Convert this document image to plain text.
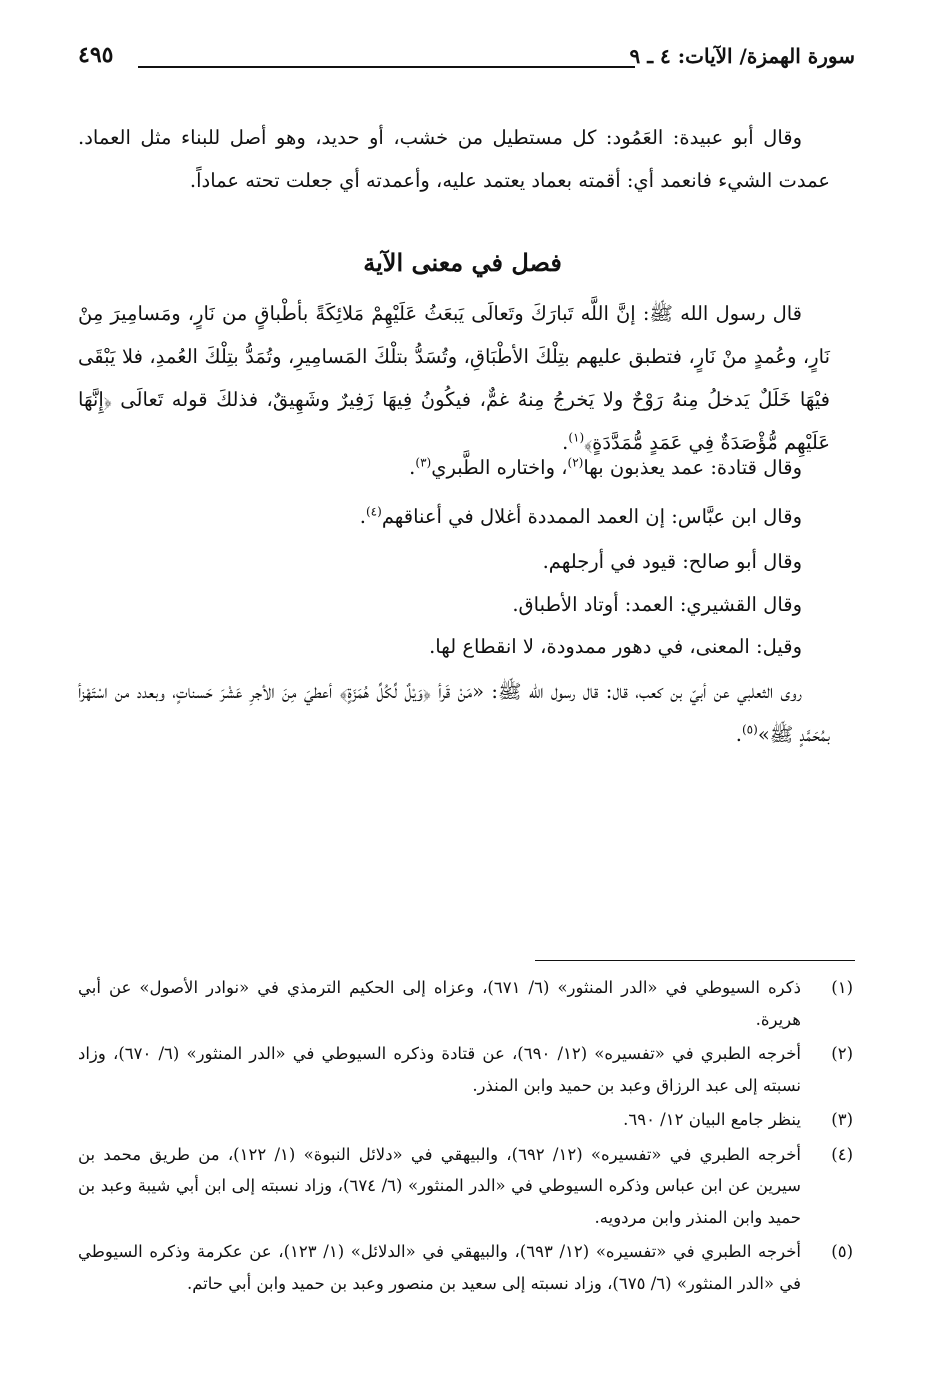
سورة الهمزة/ الآيات: ٤ ـ ٩
٤٩٥

وقال أبو عبيدة: العَمُود: كل مستطيل من خشب، أو حديد، وهو أصل للبناء مثل العماد. عمدت الشيء فانعمد أي: أقمته بعماد يعتمد عليه، وأعمدته أي جعلت تحته عماداً.

فصل في معنى الآية

قال رسول الله ﷺ: إنَّ اللَّه تَبارَكَ وتَعالَى يَبعَثُ عَلَيْهِمْ مَلائِكَةً بأطْباقٍ من نَارٍ، ومَسامِيرَ مِنْ نَارٍ، وعُمدٍ منْ نَارٍ، فتطبق عليهم بتِلْكَ الأطْبَاقِ، وتُسَدُّ بتلْكَ المَسامِيرِ، وتُمَدُّ بتِلْكَ العُمدِ، فلا يَبْقَى فيْهَا خَلَلٌ يَدخلُ مِنهُ رَوْحٌ ولا يَخرجُ مِنهُ غمٌّ، فيكُونُ فِيهَا زَفِيرٌ وشَهِيقٌ، فذلكَ قوله تَعالَى ﴿إِنَّهَا عَلَيْهِم مُّؤْصَدَةٌ فِي عَمَدٍ مُّمَدَّدَةٍ﴾$^{(١)}$.

وقال قتادة: عمد يعذبون بها$^{(٢)}$، واختاره الطَّبري$^{(٣)}$.
وقال ابن عبَّاس: إن العمد الممددة أغلال في أعناقهم$^{(٤)}$.
وقال أبو صالح: قيود في أرجلهم.
وقال القشيري: العمد: أوتاد الأطباق.
وقيل: المعنى، في دهور ممدودة، لا انقطاع لها.

روى الثعلبي عن أبيّ بن كعب، قال: قال رسول الله ﷺ: «مَنْ قَرأ ﴿وَيْلٌ لِّكُلِّ هُمَزَةٍ﴾ أعطيَ مِنَ الأجرِ عَشْرَ حَسناتٍ، وبعدد من اسْتَهْزأ بمُحَمَّدٍ ﷺ»$^{(٥)}$.

(١)
ذكره السيوطي في «الدر المنثور» (٦/ ٦٧١)، وعزاه إلى الحكيم الترمذي في «نوادر الأصول» عن أبي هريرة.

(٢)
أخرجه الطبري في «تفسيره» (١٢/ ٦٩٠)، عن قتادة وذكره السيوطي في «الدر المنثور» (٦/ ٦٧٠)، وزاد نسبته إلى عبد الرزاق وعبد بن حميد وابن المنذر.

(٣)
ينظر جامع البيان ١٢/ ٦٩٠.

(٤)
أخرجه الطبري في «تفسيره» (١٢/ ٦٩٢)، والبيهقي في «دلائل النبوة» (١/ ١٢٢)، من طريق محمد بن سيرين عن ابن عباس وذكره السيوطي في «الدر المنثور» (٦/ ٦٧٤)، وزاد نسبته إلى ابن أبي شيبة وعبد بن حميد وابن المنذر وابن مردويه.

(٥)
أخرجه الطبري في «تفسيره» (١٢/ ٦٩٣)، والبيهقي في «الدلائل» (١/ ١٢٣)، عن عكرمة وذكره السيوطي في «الدر المنثور» (٦/ ٦٧٥)، وزاد نسبته إلى سعيد بن منصور وعبد بن حميد وابن أبي حاتم.
